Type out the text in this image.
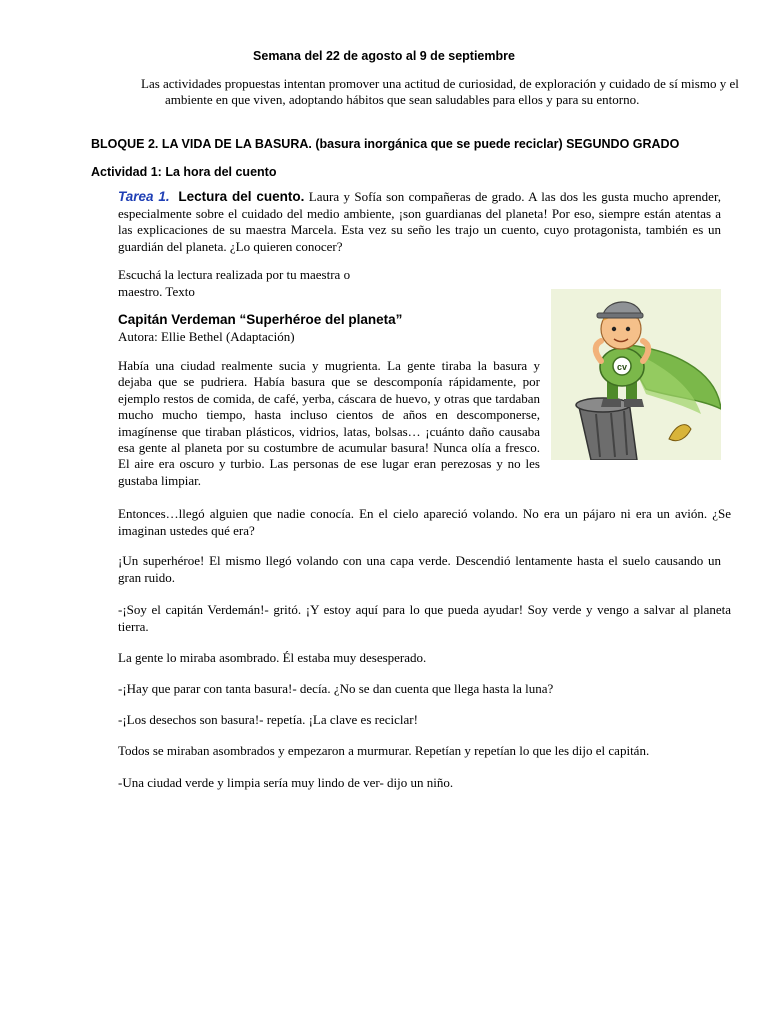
Semana del 22 de agosto al 9 de septiembre
Las actividades propuestas intentan promover una actitud de curiosidad, de exploración y cuidado de sí mismo y el ambiente en que viven, adoptando hábitos que sean saludables para ellos y para su entorno.
BLOQUE 2. LA VIDA DE LA BASURA. (basura inorgánica que se puede reciclar) SEGUNDO GRADO
Actividad 1: La hora del cuento
Tarea 1. Lectura del cuento. Laura y Sofía son compañeras de grado. A las dos les gusta mucho aprender, especialmente sobre el cuidado del medio ambiente, ¡son guardianas del planeta! Por eso, siempre están atentas a las explicaciones de su maestra Marcela. Esta vez su seño les trajo un cuento, cuyo protagonista, también es un guardián del planeta. ¿Lo quieren conocer?
Escuchá la lectura realizada por tu maestra o maestro. Texto
Capitán Verdeman “Superhéroe del planeta”
Autora: Ellie Bethel (Adaptación)
Había una ciudad realmente sucia y mugrienta. La gente tiraba la basura y dejaba que se pudriera. Había basura que se descomponía rápidamente, por ejemplo restos de comida, de café, yerba, cáscara de huevo, y otras que tardaban mucho mucho tiempo, hasta incluso cientos de años en descomponerse, imagínense que tiraban plásticos, vidrios, latas, bolsas… ¡cuánto daño causaba esa gente al planeta por su costumbre de acumular basura! Nunca olía a fresco. El aire era oscuro y turbio. Las personas de ese lugar eran perezosas y no les gustaba limpiar.
cv
Entonces…llegó alguien que nadie conocía. En el cielo apareció volando. No era un pájaro ni era un avión. ¿Se imaginan ustedes qué era?
¡Un superhéroe! El mismo llegó volando con una capa verde. Descendió lentamente hasta el suelo causando un gran ruido.
-¡Soy el capitán Verdemán!- gritó. ¡Y estoy aquí para lo que pueda ayudar! Soy verde y vengo a salvar al planeta tierra.
La gente lo miraba asombrado. Él estaba muy desesperado.
-¡Hay que parar con tanta basura!- decía. ¿No se dan cuenta que llega hasta la luna?
-¡Los desechos son basura!- repetía. ¡La clave es reciclar!
Todos se miraban asombrados y empezaron a murmurar. Repetían y repetían lo que les dijo el capitán.
-Una ciudad verde y limpia sería muy lindo de ver- dijo un niño.
